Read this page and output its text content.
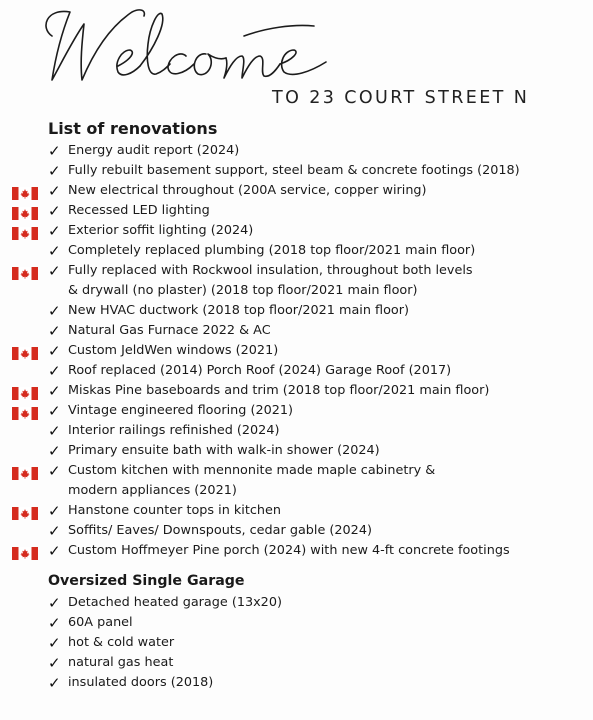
TO 23 COURT STREET N
List of renovations
✓ Energy audit report (2024)
✓ Fully rebuilt basement support, steel beam & concrete footings (2018)
✓ New electrical throughout (200A service, copper wiring)
✓ Recessed LED lighting
✓ Exterior soffit lighting (2024)
✓ Completely replaced plumbing (2018 top floor/2021 main floor)
✓ Fully replaced with Rockwool insulation, throughout both levels
& drywall (no plaster) (2018 top floor/2021 main floor)
✓ New HVAC ductwork (2018 top floor/2021 main floor)
✓ Natural Gas Furnace 2022 & AC
✓ Custom JeldWen windows (2021)
✓ Roof replaced (2014) Porch Roof (2024) Garage Roof (2017)
✓ Miskas Pine baseboards and trim (2018 top floor/2021 main floor)
✓ Vintage engineered flooring (2021)
✓ Interior railings refinished (2024)
✓ Primary ensuite bath with walk-in shower (2024)
✓ Custom kitchen with mennonite made maple cabinetry &
modern appliances (2021)
✓ Hanstone counter tops in kitchen
✓ Soffits/ Eaves/ Downspouts, cedar gable (2024)
✓ Custom Hoffmeyer Pine porch (2024) with new 4-ft concrete footings
Oversized Single Garage
✓ Detached heated garage (13x20)
✓ 60A panel
✓ hot & cold water
✓ natural gas heat
✓ insulated doors (2018)
